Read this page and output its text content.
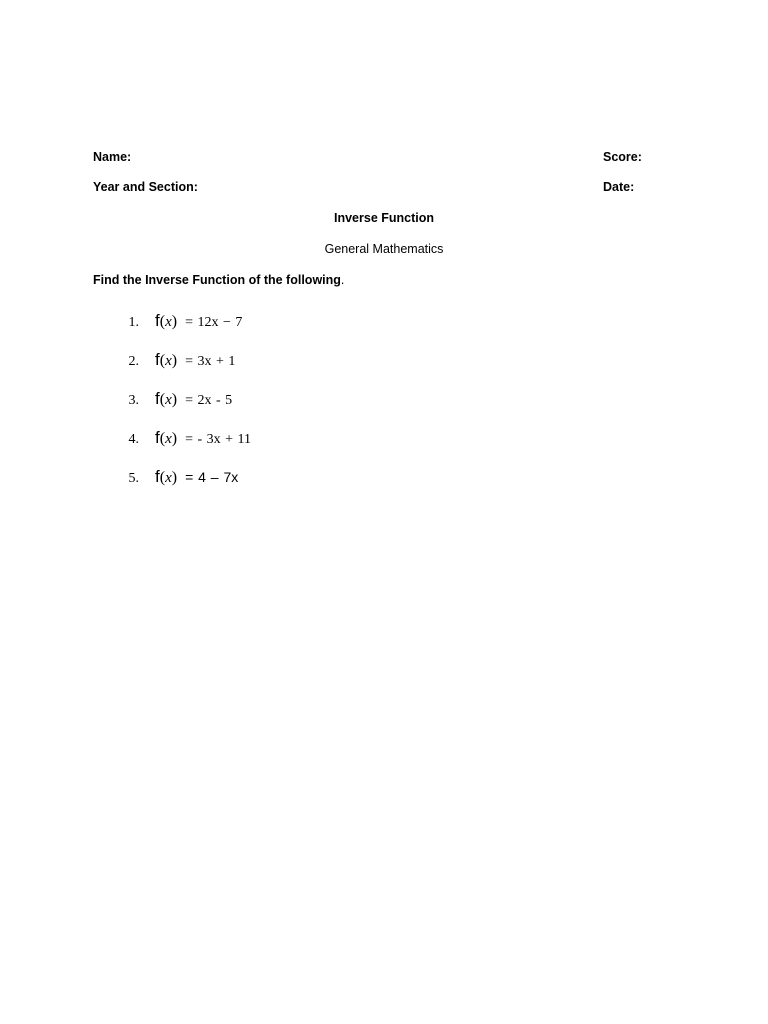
Name:	Score:
Year and Section:	Date:
Inverse Function
General Mathematics
Find the Inverse Function of the following.
1. f ( x ) = 12x − 7
2. f ( x ) = 3x + 1
3. f ( x ) = 2x - 5
4. f ( x ) = - 3x + 11
5. f ( x ) = 4 – 7x
